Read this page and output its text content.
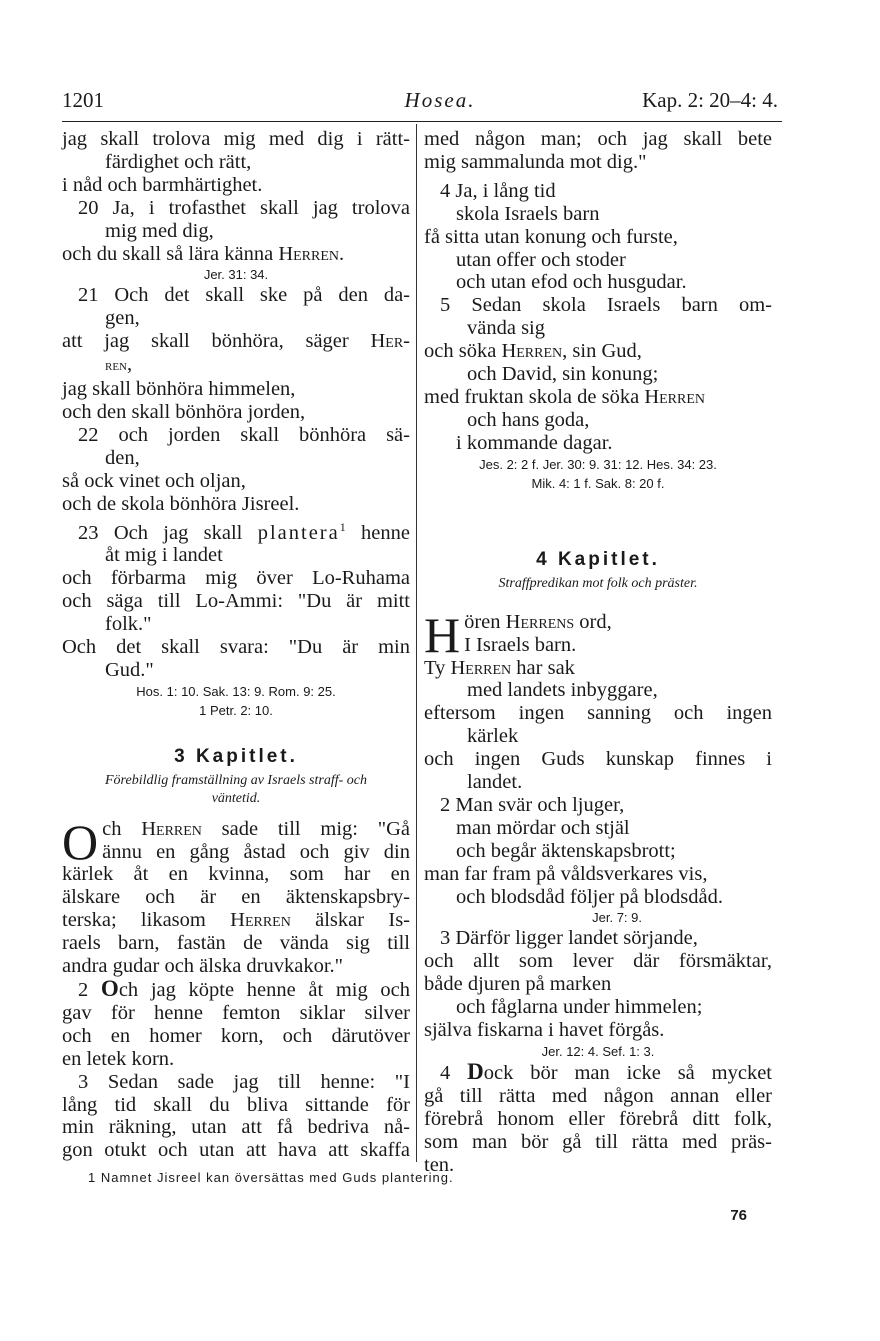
1201	Hosea.	Kap. 2: 20–4: 4.
jag skall trolova mig med dig i rätt-
färdighet och rätt,
i nåd och barmhärtighet.
20 Ja, i trofasthet skall jag trolova
mig med dig,
och du skall så lära känna Herren.
Jer. 31: 34.
21 Och det skall ske på den da-
gen,
att jag skall bönhöra, säger Her-
ren,
jag skall bönhöra himmelen,
och den skall bönhöra jorden,
22 och jorden skall bönhöra sä-
den,
så ock vinet och oljan,
och de skola bönhöra Jisreel.
23 Och jag skall plantera$^1$ henne
åt mig i landet
och förbarma mig över Lo-Ruhama
och säga till Lo-Ammi: "Du är mitt
folk."
Och det skall svara: "Du är min
Gud."
Hos. 1: 10. Sak. 13: 9. Rom. 9: 25.
1 Petr. 2: 10.
3 Kapitlet.
Förebildlig framställning av Israels straff- och
väntetid.
O ch Herren sade till mig: "Gå
ännu en gång åstad och giv din
kärlek åt en kvinna, som har en
älskare och är en äktenskapsbry-
terska; likasom Herren älskar Is-
raels barn, fastän de vända sig till
andra gudar och älska druvkakor."
2 Och jag köpte henne åt mig och
gav för henne femton siklar silver
och en homer korn, och därutöver
en letek korn.
3 Sedan sade jag till henne: "I
lång tid skall du bliva sittande för
min räkning, utan att få bedriva nå-
gon otukt och utan att hava att skaffa
med någon man; och jag skall bete
mig sammalunda mot dig."
4 Ja, i lång tid
skola Israels barn
få sitta utan konung och furste,
utan offer och stoder
och utan efod och husgudar.
5 Sedan skola Israels barn om-
vända sig
och söka Herren, sin Gud,
och David, sin konung;
med fruktan skola de söka Herren
och hans goda,
i kommande dagar.
Jes. 2: 2 f. Jer. 30: 9. 31: 12. Hes. 34: 23.
Mik. 4: 1 f. Sak. 8: 20 f.
4 Kapitlet.
Straffpredikan mot folk och präster.
H ören Herrens ord,
I Israels barn.
Ty Herren har sak
med landets inbyggare,
eftersom ingen sanning och ingen
kärlek
och ingen Guds kunskap finnes i
landet.
2 Man svär och ljuger,
man mördar och stjäl
och begår äktenskapsbrott;
man far fram på våldsverkares vis,
och blodsdåd följer på blodsdåd.
Jer. 7: 9.
3 Därför ligger landet sörjande,
och allt som lever där försmäktar,
både djuren på marken
och fåglarna under himmelen;
själva fiskarna i havet förgås.
Jer. 12: 4. Sef. 1: 3.
4 Dock bör man icke så mycket
gå till rätta med någon annan eller
förebrå honom eller förebrå ditt folk,
som man bör gå till rätta med präs-
ten.
1 Namnet Jisreel kan översättas med Guds plantering.
76
